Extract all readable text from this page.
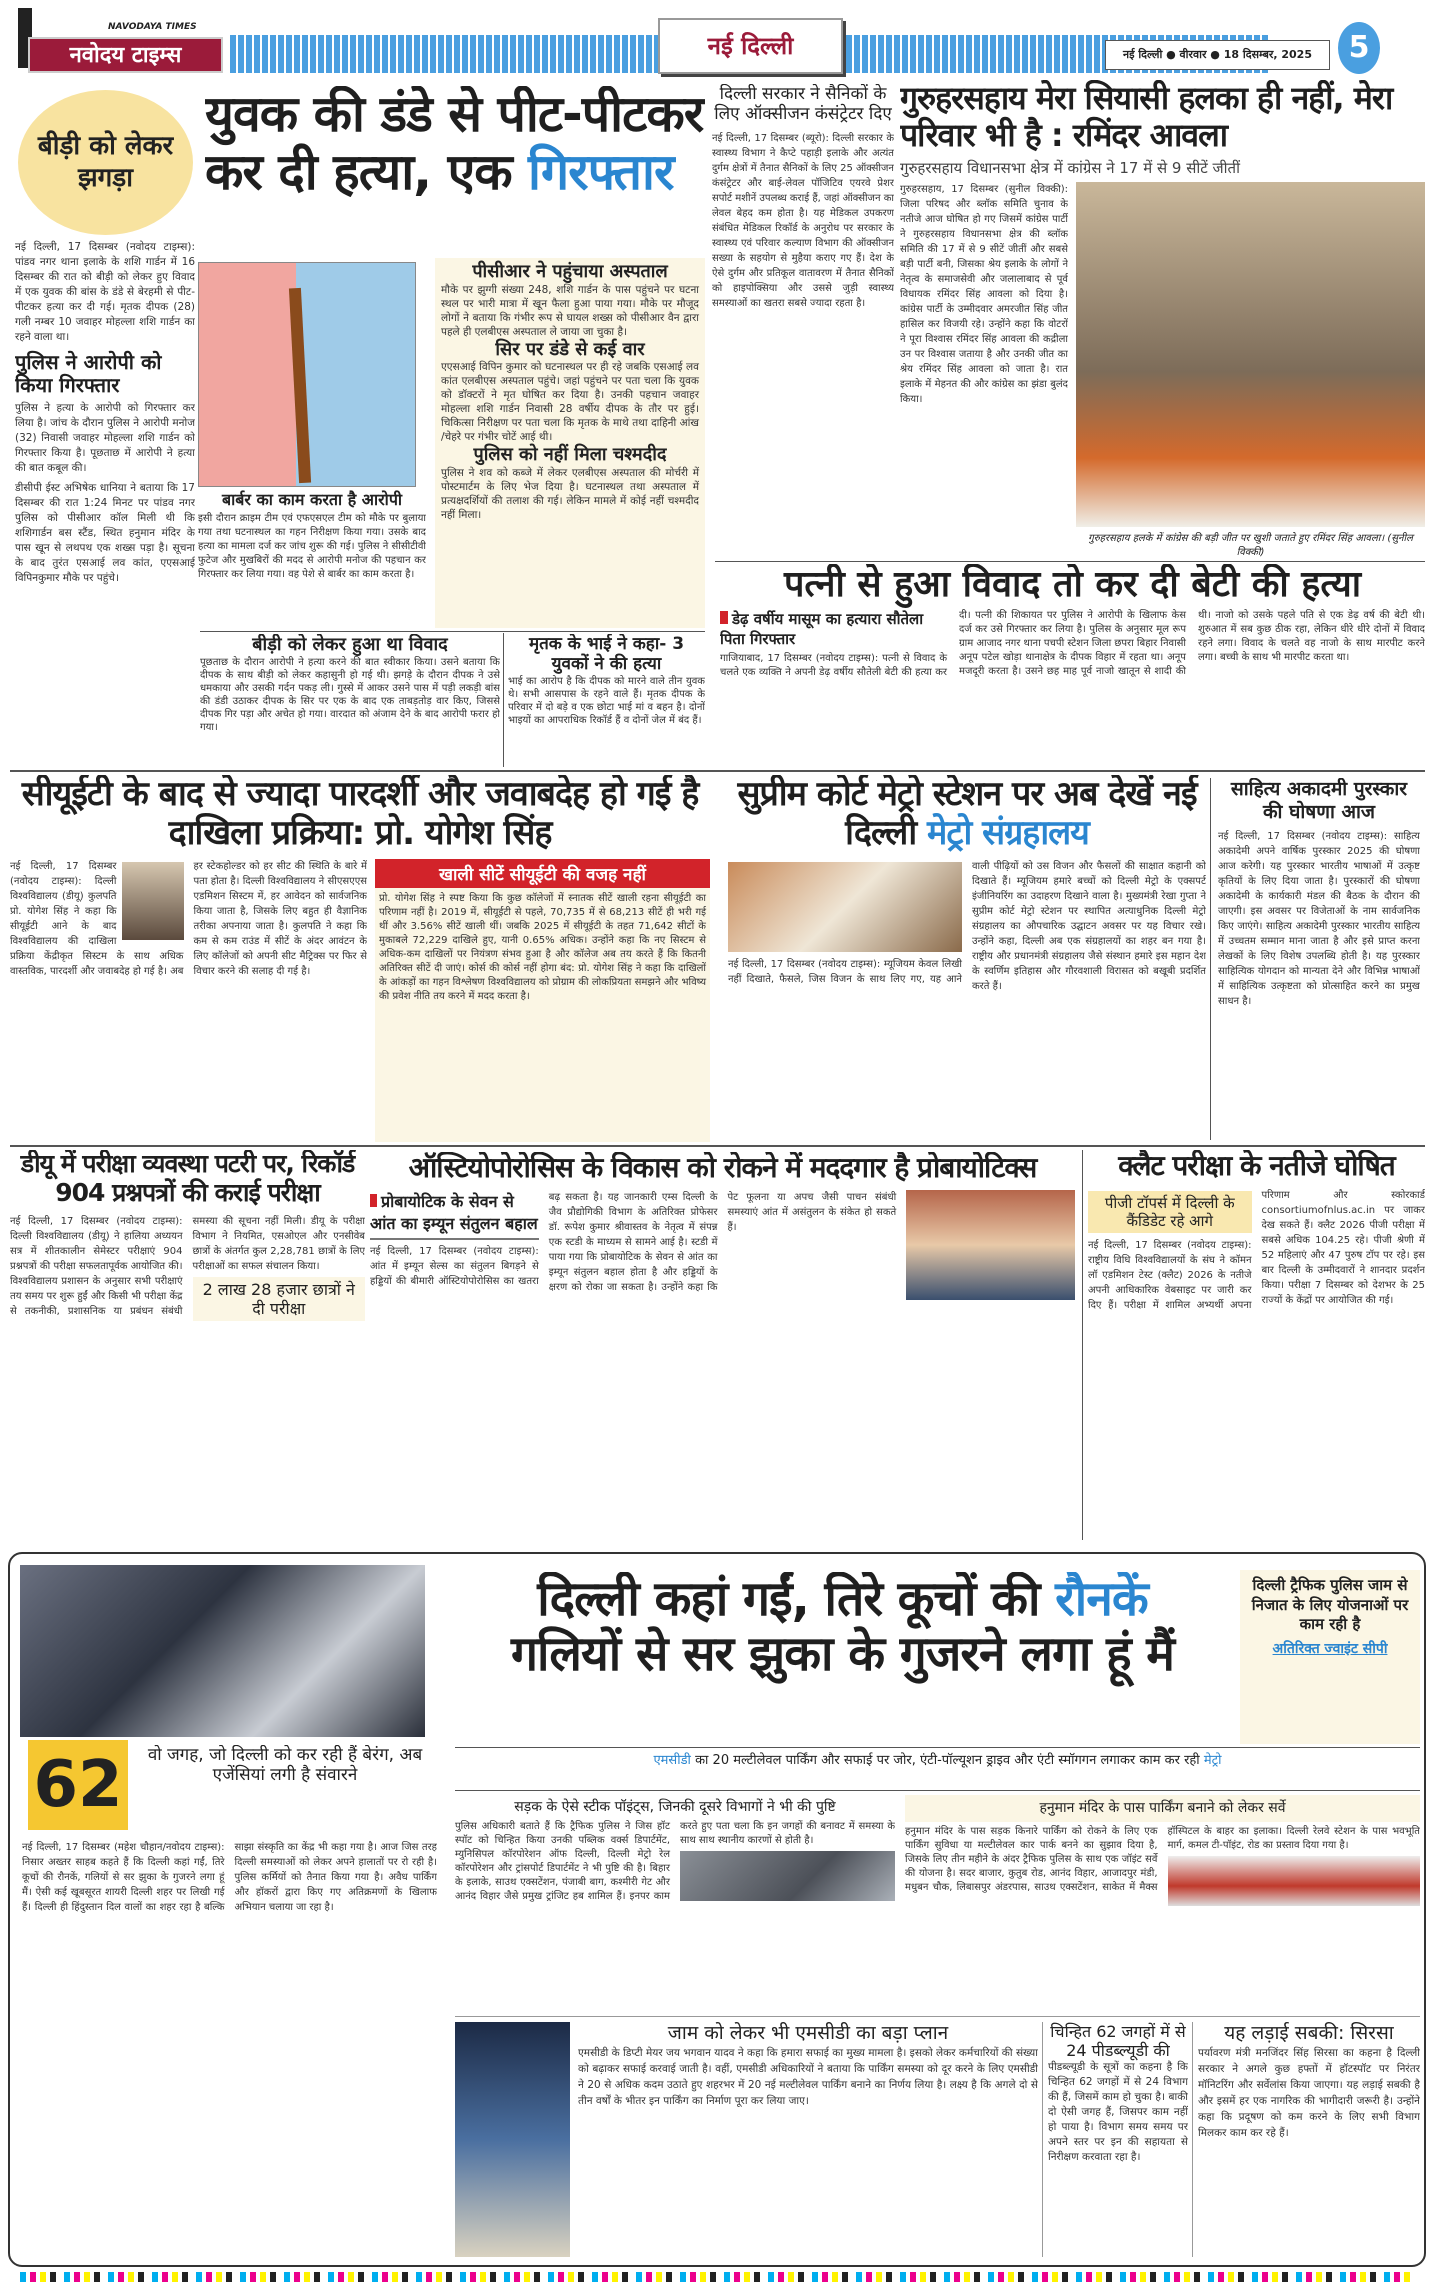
NAVODAYA TIMES
नवोदय टाइम्स	नई दिल्ली	नई दिल्ली ● वीरवार ● 18 दिसम्बर, 2025	5
बीड़ी को लेकर झगड़ा
युवक की डंडे से पीट-पीटकर कर दी हत्या, एक गिरफ्तार
नई दिल्ली, 17 दिसम्बर (नवोदय टाइम्स): पांडव नगर थाना इलाके के शशि गार्डन में 16 दिसम्बर की रात को बीड़ी को लेकर हुए विवाद में एक युवक की बांस के डंडे से बेरहमी से पीट-पीटकर हत्या कर दी गई। मृतक दीपक (28) गली नम्बर 10 जवाहर मोहल्ला शशि गार्डन का रहने वाला था।
पुलिस ने आरोपी को किया गिरफ्तार
पुलिस ने हत्या के आरोपी को गिरफ्तार कर लिया है। जांच के दौरान पुलिस ने आरोपी मनोज (32) निवासी जवाहर मोहल्ला शशि गार्डन को गिरफ्तार किया है। पूछताछ में आरोपी ने हत्या की बात कबूल की।
डीसीपी ईस्ट अभिषेक धानिया ने बताया कि 17 दिसम्बर की रात 1:24 मिनट पर पांडव नगर पुलिस को पीसीआर कॉल मिली थी कि शशिगार्डन बस स्टैंड, स्थित हनुमान मंदिर के पास खून से लथपथ एक शख्स पड़ा है। सूचना के बाद तुरंत एसआई लव कांत, एएसआई विपिनकुमार मौके पर पहुंचे।
बार्बर का काम करता है आरोपी
इसी दौरान क्राइम टीम एवं एफएसएल टीम को मौके पर बुलाया गया तथा घटनास्थल का गहन निरीक्षण किया गया। उसके बाद हत्या का मामला दर्ज कर जांच शुरू की गई। पुलिस ने सीसीटीवी फुटेज और मुखबिरों की मदद से आरोपी मनोज की पहचान कर गिरफ्तार कर लिया गया। वह पेशे से बार्बर का काम करता है।
पीसीआर ने पहुंचाया अस्पताल
मौके पर झुग्गी संख्या 248, शशि गार्डन के पास पहुंचने पर घटना स्थल पर भारी मात्रा में खून फैला हुआ पाया गया। मौके पर मौजूद लोगों ने बताया कि गंभीर रूप से घायल शख्स को पीसीआर वैन द्वारा पहले ही एलबीएस अस्पताल ले जाया जा चुका है।
सिर पर डंडे से कई वार
एएसआई विपिन कुमार को घटनास्थल पर ही रहे जबकि एसआई लव कांत एलबीएस अस्पताल पहुंचे। जहां पहुंचने पर पता चला कि युवक को डॉक्टरों ने मृत घोषित कर दिया है। उनकी पहचान जवाहर मोहल्ला शशि गार्डन निवासी 28 वर्षीय दीपक के तौर पर हुई। चिकित्सा निरीक्षण पर पता चला कि मृतक के माथे तथा दाहिनी आंख /चेहरे पर गंभीर चोटें आई थी।
पुलिस को नहीं मिला चश्मदीद
पुलिस ने शव को कब्जे में लेकर एलबीएस अस्पताल की मोर्चरी में पोस्टमार्टम के लिए भेज दिया है। घटनास्थल तथा अस्पताल में प्रत्यक्षदर्शियों की तलाश की गई। लेकिन मामले में कोई नहीं चश्मदीद नहीं मिला।
बीड़ी को लेकर हुआ था विवाद
पूछताछ के दौरान आरोपी ने हत्या करने की बात स्वीकार किया। उसने बताया कि दीपक के साथ बीड़ी को लेकर कहासुनी हो गई थी। झगड़े के दौरान दीपक ने उसे धमकाया और उसकी गर्दन पकड़ ली। गुस्से में आकर उसने पास में पड़ी लकड़ी बांस की डंडी उठाकर दीपक के सिर पर एक के बाद एक ताबड़तोड़ वार किए, जिससे दीपक गिर पड़ा और अचेत हो गया। वारदात को अंजाम देने के बाद आरोपी फरार हो गया।
मृतक के भाई ने कहा- 3 युवकों ने की हत्या
भाई का आरोप है कि दीपक को मारने वाले तीन युवक थे। सभी आसपास के रहने वाले हैं। मृतक दीपक के परिवार में दो बड़े व एक छोटा भाई मां व बहन है। दोनों भाइयों का आपराधिक रिकॉर्ड हैं व दोनों जेल में बंद हैं।
दिल्ली सरकार ने सैनिकों के लिए ऑक्सीजन कंसंट्रेटर दिए
नई दिल्ली, 17 दिसम्बर (ब्यूरो): दिल्ली सरकार के स्वास्थ्य विभाग ने कैप्टे पहाड़ी इलाके और अत्यंत दुर्गम क्षेत्रों में तैनात सैनिकों के लिए 25 ऑक्सीजन कंसंट्रेटर और बाई-लेवल पॉजिटिव एयरवे प्रेशर सपोर्ट मशीनें उपलब्ध कराई हैं, जहां ऑक्सीजन का लेवल बेहद कम होता है। यह मेडिकल उपकरण संबंधित मेडिकल रिकॉर्ड के अनुरोध पर सरकार के स्वास्थ्य एवं परिवार कल्याण विभाग की ऑक्सीजन सख्या के सहयोग से मुहैया कराए गए हैं। देश के ऐसे दुर्गम और प्रतिकूल वातावरण में तैनात सैनिकों को हाइपोक्सिया और उससे जुड़ी स्वास्थ्य समस्याओं का खतरा सबसे ज्यादा रहता है।
गुरुहरसहाय मेरा सियासी हलका ही नहीं, मेरा परिवार भी है : रमिंदर आवला
गुरुहरसहाय विधानसभा क्षेत्र में कांग्रेस ने 17 में से 9 सीटें जीतीं
गुरुहरसहाय, 17 दिसम्बर (सुनील विक्की): जिला परिषद और ब्लॉक समिति चुनाव के नतीजे आज घोषित हो गए जिसमें कांग्रेस पार्टी ने गुरुहरसहाय विधानसभा क्षेत्र की ब्लॉक समिति की 17 में से 9 सीटें जीतीं और सबसे बड़ी पार्टी बनी, जिसका श्रेय इलाके के लोगों ने नेतृत्व के समाजसेवी और जलालाबाद से पूर्व विधायक रमिंदर सिंह आवला को दिया है। कांग्रेस पार्टी के उम्मीदवार अमरजीत सिंह जीत हासिल कर विजयी रहे। उन्होंने कहा कि वोटरों ने पूरा विश्वास रमिंदर सिंह आवला की कद्रीला उन पर विश्वास जताया है और उनकी जीत का श्रेय रमिंदर सिंह आवला को जाता है। रात इलाके में मेहनत की और कांग्रेस का झंडा बुलंद किया।
गुरुहरसहाय हलके में कांग्रेस की बड़ी जीत पर खुशी जताते हुए रमिंदर सिंह आवला। (सुनील विक्की)
पत्नी से हुआ विवाद तो कर दी बेटी की हत्या
डेढ़ वर्षीय मासूम का हत्यारा सौतेला पिता गिरफ्तार
गाजियाबाद, 17 दिसम्बर (नवोदय टाइम्स): पत्नी से विवाद के चलते एक व्यक्ति ने अपनी डेढ़ वर्षीय सौतेली बेटी की हत्या कर दी। पत्नी की शिकायत पर पुलिस ने आरोपी के खिलाफ केस दर्ज कर उसे गिरफ्तार कर लिया है। पुलिस के अनुसार मूल रूप ग्राम आजाद नगर थाना पचपी स्टेशन जिला छपरा बिहार निवासी अनूप पटेल खोड़ा थानाक्षेत्र के दीपक विहार में रहता था। अनूप मजदूरी करता है। उसने छह माह पूर्व नाजो खातून से शादी की थी। नाजो को उसके पहले पति से एक डेढ़ वर्ष की बेटी थी। शुरुआत में सब कुछ ठीक रहा, लेकिन धीरे धीरे दोनों में विवाद रहने लगा। विवाद के चलते वह नाजो के साथ मारपीट करने लगा। बच्ची के साथ भी मारपीट करता था।
सीयूईटी के बाद से ज्यादा पारदर्शी और जवाबदेह हो गई है दाखिला प्रक्रिया: प्रो. योगेश सिंह
नई दिल्ली, 17 दिसम्बर (नवोदय टाइम्स): दिल्ली विश्वविद्यालय (डीयू) कुलपति प्रो. योगेश सिंह ने कहा कि सीयूईटी आने के बाद विश्वविद्यालय की दाखिला प्रक्रिया केंद्रीकृत सिस्टम के साथ अधिक वास्तविक, पारदर्शी और जवाबदेह हो गई है। अब हर स्टेकहोल्डर को हर सीट की स्थिति के बारे में पता होता है। दिल्ली विश्वविद्यालय ने सीएसएएस एडमिशन सिस्टम में, हर आवेदन को सार्वजनिक किया जाता है, जिसके लिए बहुत ही वैज्ञानिक तरीका अपनाया जाता है। कुलपति ने कहा कि कम से कम राउंड में सीटें के अंदर आवंटन के लिए कॉलेजों को अपनी सीट मैट्रिक्स पर फिर से विचार करने की सलाह दी गई है।
खाली सीटें सीयूईटी की वजह नहीं
प्रो. योगेश सिंह ने स्पष्ट किया कि कुछ कॉलेजों में स्नातक सीटें खाली रहना सीयूईटी का परिणाम नहीं है। 2019 में, सीयूईटी से पहले, 70,735 में से 68,213 सीटें ही भरी गई थीं और 3.56% सीटें खाली थीं। जबकि 2025 में सीयूईटी के तहत 71,642 सीटों के मुकाबले 72,229 दाखिले हुए, यानी 0.65% अधिक। उन्होंने कहा कि नए सिस्टम से अधिक-कम दाखिलों पर नियंत्रण संभव हुआ है और कॉलेज अब तय करते हैं कि कितनी अतिरिक्त सीटें दी जाएं। कोर्स की कोर्स नहीं होगा बंद: प्रो. योगेश सिंह ने कहा कि दाखिलों के आंकड़ों का गहन विश्लेषण विश्वविद्यालय को प्रोग्राम की लोकप्रियता समझने और भविष्य की प्रवेश नीति तय करने में मदद करता है।
सुप्रीम कोर्ट मेट्रो स्टेशन पर अब देखें नई दिल्ली मेट्रो संग्रहालय
नई दिल्ली, 17 दिसम्बर (नवोदय टाइम्स): म्यूजियम केवल लिखी नहीं दिखाते, फैसले, जिस विजन के साथ लिए गए, यह आने वाली पीढ़ियों को उस विजन और फैसलों की साक्षात कहानी को दिखाते हैं। म्यूजियम हमारे बच्चों को दिल्ली मेट्रो के एक्सपर्ट इंजीनियरिंग का उदाहरण दिखाने वाला है। मुख्यमंत्री रेखा गुप्ता ने सुप्रीम कोर्ट मेट्रो स्टेशन पर स्थापित अत्याधुनिक दिल्ली मेट्रो संग्रहालय का औपचारिक उद्घाटन अवसर पर यह विचार रखे। उन्होंने कहा, दिल्ली अब एक संग्रहालयों का शहर बन गया है। राष्ट्रीय और प्रधानमंत्री संग्रहालय जैसे संस्थान हमारे इस महान देश के स्वर्णिम इतिहास और गौरवशाली विरासत को बखूबी प्रदर्शित करते हैं।
साहित्य अकादमी पुरस्कार की घोषणा आज
नई दिल्ली, 17 दिसम्बर (नवोदय टाइम्स): साहित्य अकादेमी अपने वार्षिक पुरस्कार 2025 की घोषणा आज करेगी। यह पुरस्कार भारतीय भाषाओं में उत्कृष्ट कृतियों के लिए दिया जाता है। पुरस्कारों की घोषणा अकादेमी के कार्यकारी मंडल की बैठक के दौरान की जाएगी। इस अवसर पर विजेताओं के नाम सार्वजनिक किए जाएंगे। साहित्य अकादेमी पुरस्कार भारतीय साहित्य में उच्चतम सम्मान माना जाता है और इसे प्राप्त करना लेखकों के लिए विशेष उपलब्धि होती है। यह पुरस्कार साहित्यिक योगदान को मान्यता देने और विभिन्न भाषाओं में साहित्यिक उत्कृष्टता को प्रोत्साहित करने का प्रमुख साधन है।
डीयू में परीक्षा व्यवस्था पटरी पर, रिकॉर्ड 904 प्रश्नपत्रों की कराई परीक्षा
नई दिल्ली, 17 दिसम्बर (नवोदय टाइम्स): दिल्ली विश्वविद्यालय (डीयू) ने हालिया अध्ययन सत्र में शीतकालीन सेमेस्टर परीक्षाएं 904 प्रश्नपत्रों की परीक्षा सफलतापूर्वक आयोजित की। विश्वविद्यालय प्रशासन के अनुसार सभी परीक्षाएं तय समय पर शुरू हुईं और किसी भी परीक्षा केंद्र से तकनीकी, प्रशासनिक या प्रबंधन संबंधी समस्या की सूचना नहीं मिली। डीयू के परीक्षा विभाग ने नियमित, एसओएल और एनसीवेब छात्रों के अंतर्गत कुल 2,28,781 छात्रों के लिए परीक्षाओं का सफल संचालन किया।
2 लाख 28 हजार छात्रों ने दी परीक्षा
ऑस्टियोपोरोसिस के विकास को रोकने में मददगार है प्रोबायोटिक्स
प्रोबायोटिक के सेवन से आंत का इम्यून संतुलन बहाल
नई दिल्ली, 17 दिसम्बर (नवोदय टाइम्स): आंत में इम्यून सेल्स का संतुलन बिगड़ने से हड्डियों की बीमारी ऑस्टियोपोरोसिस का खतरा बढ़ सकता है। यह जानकारी एम्स दिल्ली के जैव प्रौद्योगिकी विभाग के अतिरिक्त प्रोफेसर डॉ. रूपेश कुमार श्रीवास्तव के नेतृत्व में संपन्न एक स्टडी के माध्यम से सामने आई है। स्टडी में पाया गया कि प्रोबायोटिक के सेवन से आंत का इम्यून संतुलन बहाल होता है और हड्डियों के क्षरण को रोका जा सकता है। उन्होंने कहा कि पेट फूलना या अपच जैसी पाचन संबंधी समस्याएं आंत में असंतुलन के संकेत हो सकते हैं।
क्लैट परीक्षा के नतीजे घोषित
पीजी टॉपर्स में दिल्ली के कैंडिडेट रहे आगे
नई दिल्ली, 17 दिसम्बर (नवोदय टाइम्स): राष्ट्रीय विधि विश्वविद्यालयों के संघ ने कॉमन लॉ एडमिशन टेस्ट (क्लैट) 2026 के नतीजे अपनी आधिकारिक वेबसाइट पर जारी कर दिए हैं। परीक्षा में शामिल अभ्यर्थी अपना परिणाम और स्कोरकार्ड consortiumofnlus.ac.in पर जाकर देख सकते हैं। क्लैट 2026 पीजी परीक्षा में सबसे अधिक 104.25 रहे। पीजी श्रेणी में 52 महिलाएं और 47 पुरुष टॉप पर रहे। इस बार दिल्ली के उम्मीदवारों ने शानदार प्रदर्शन किया। परीक्षा 7 दिसम्बर को देशभर के 25 राज्यों के केंद्रों पर आयोजित की गई।
62	वो जगह, जो दिल्ली को कर रही हैं बेरंग, अब एजेंसियां लगी है संवारने
दिल्ली कहां गईं, तिरे कूचों की रौनकें
गलियों से सर झुका के गुजरने लगा हूं मैं
दिल्ली ट्रैफिक पुलिस जाम से निजात के लिए योजनाओं पर काम रही है
अतिरिक्त ज्वाइंट सीपी
एमसीडी का 20 मल्टीलेवल पार्किंग और सफाई पर जोर, एंटी-पॉल्यूशन ड्राइव और एंटी स्मॉगगन लगाकर काम कर रही मेट्रो
सड़क के ऐसे स्टीक पॉइंट्स, जिनकी दूसरे विभागों ने भी की पुष्टि
पुलिस अधिकारी बताते हैं कि ट्रैफिक पुलिस ने जिस हॉट स्पॉट को चिन्हित किया उनकी पब्लिक वर्क्स डिपार्टमेंट, म्युनिसिपल कॉरपोरेशन ऑफ दिल्ली, दिल्ली मेट्रो रेल कॉरपोरेशन और ट्रांसपोर्ट डिपार्टमेंट ने भी पुष्टि की है। बिहार के इलाके, साउथ एक्सटेंशन, पंजाबी बाग, कश्मीरी गेट और आनंद विहार जैसे प्रमुख ट्रांजिट हब शामिल हैं। इनपर काम करते हुए पता चला कि इन जगहों की बनावट में समस्या के साथ साथ स्थानीय कारणों से होती है।
हनुमान मंदिर के पास पार्किंग बनाने को लेकर सर्वे
हनुमान मंदिर के पास सड़क किनारे पार्किंग को रोकने के लिए एक पार्किंग सुविधा या मल्टीलेवल कार पार्क बनने का सुझाव दिया है, जिसके लिए तीन महीने के अंदर ट्रैफिक पुलिस के साथ एक जॉइंट सर्वे की योजना है। सदर बाजार, कुतुब रोड, आनंद विहार, आजादपुर मंडी, मधुबन चौक, लिबासपुर अंडरपास, साउथ एक्सटेंशन, साकेत में मैक्स हॉस्पिटल के बाहर का इलाका। दिल्ली रेलवे स्टेशन के पास भवभूति मार्ग, कमल टी-पॉइंट, रोड का प्रस्ताव दिया गया है।
नई दिल्ली, 17 दिसम्बर (महेश चौहान/नवोदय टाइम्स): निसार अख्तर साहब कहते हैं कि दिल्ली कहां गईं, तिरे कूचों की रौनकें, गलियों से सर झुका के गुजरने लगा हूं मैं। ऐसी कई खूबसूरत शायरी दिल्ली शहर पर लिखी गई हैं। दिल्ली ही हिंदुस्तान दिल वालों का शहर रहा है बल्कि साझा संस्कृति का केंद्र भी कहा गया है। आज जिस तरह दिल्ली समस्याओं को लेकर अपने हालातों पर रो रही है। पुलिस कर्मियों को तैनात किया गया है। अवैध पार्किंग और हॉकरों द्वारा किए गए अतिक्रमणों के खिलाफ अभियान चलाया जा रहा है।
जाम को लेकर भी एमसीडी का बड़ा प्लान
एमसीडी के डिप्टी मेयर जय भगवान यादव ने कहा कि हमारा सफाई का मुख्य मामला है। इसको लेकर कर्मचारियों की संख्या को बढ़ाकर सफाई करवाई जाती है। वहीं, एमसीडी अधिकारियों ने बताया कि पार्किंग समस्या को दूर करने के लिए एमसीडी ने 20 से अधिक कदम उठाते हुए शहरभर में 20 नई मल्टीलेवल पार्किंग बनाने का निर्णय लिया है। लक्ष्य है कि अगले दो से तीन वर्षों के भीतर इन पार्किंग का निर्माण पूरा कर लिया जाए।
चिन्हित 62 जगहों में से 24 पीडब्ल्यूडी की
पीडब्ल्यूडी के सूत्रों का कहना है कि चिन्हित 62 जगहों में से 24 विभाग की हैं, जिसमें काम हो चुका है। बाकी दो ऐसी जगह हैं, जिसपर काम नहीं हो पाया है। विभाग समय समय पर अपने स्तर पर इन की सहायता से निरीक्षण करवाता रहा है।
यह लड़ाई सबकी: सिरसा
पर्यावरण मंत्री मनजिंदर सिंह सिरसा का कहना है दिल्ली सरकार ने अगले कुछ हफ्तों में हॉटस्पॉट पर निरंतर मॉनिटरिंग और सर्वेलांस किया जाएगा। यह लड़ाई सबकी है और इसमें हर एक नागरिक की भागीदारी जरूरी है। उन्होंने कहा कि प्रदूषण को कम करने के लिए सभी विभाग मिलकर काम कर रहे हैं।
